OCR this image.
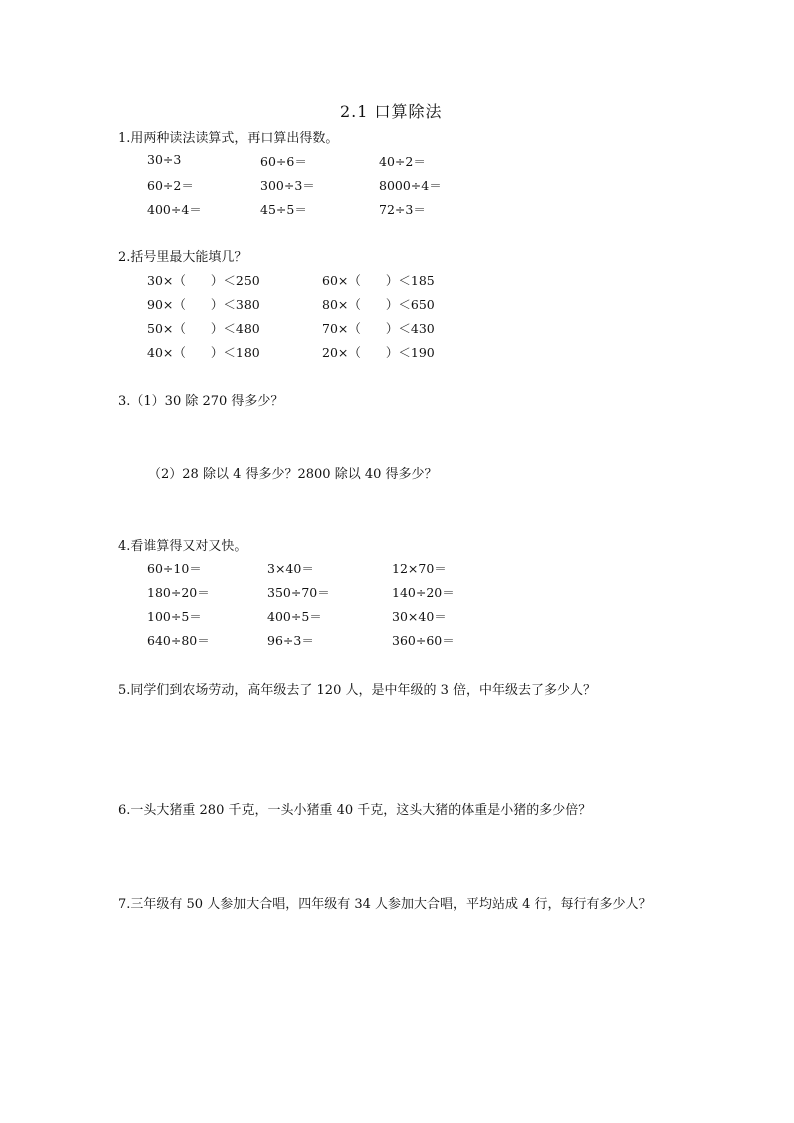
2.1 口算除法
1.用两种读法读算式，再口算出得数。
30÷3	60÷6＝	40÷2＝
60÷2＝	300÷3＝	8000÷4＝
400÷4＝	45÷5＝	72÷3＝
2.括号里最大能填几？
30×（　　）＜250	60×（　　）＜185
90×（　　）＜380	80×（　　）＜650
50×（　　）＜480	70×（　　）＜430
40×（　　）＜180	20×（　　）＜190
3.（1）30 除 270 得多少？
（2）28 除以 4 得多少？2800 除以 40 得多少？
4.看谁算得又对又快。
60÷10＝	3×40＝	12×70＝
180÷20＝	350÷70＝	140÷20＝
100÷5＝	400÷5＝	30×40＝
640÷80＝	96÷3＝	360÷60＝
5.同学们到农场劳动，高年级去了 120 人，是中年级的 3 倍，中年级去了多少人？
6.一头大猪重 280 千克，一头小猪重 40 千克，这头大猪的体重是小猪的多少倍？
7.三年级有 50 人参加大合唱，四年级有 34 人参加大合唱，平均站成 4 行，每行有多少人？
